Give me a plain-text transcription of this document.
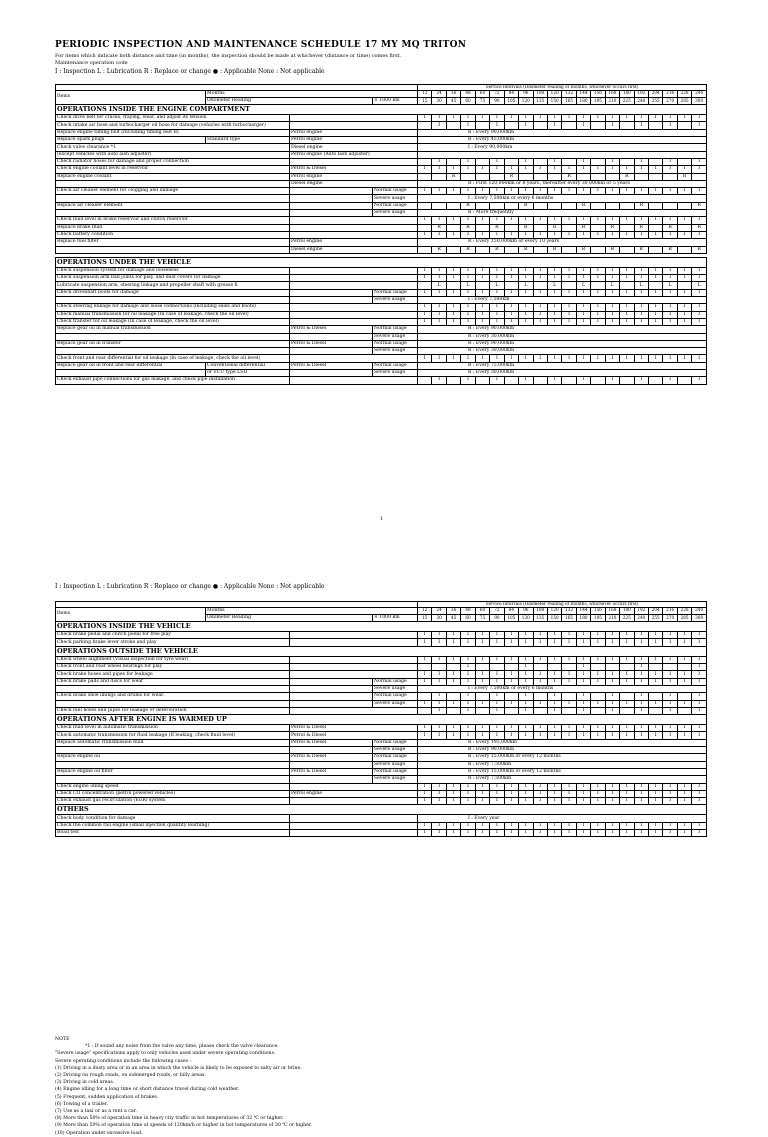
PERIODIC INSPECTION AND MAINTENANCE SCHEDULE 17 MY MQ TRITON
For items which indicate both distance and time (in months), the inspection should be made at whichever (distance or time) comes first.
Maintenance operation code
I : Inspection L : Lubrication R : Replace or change ● : Applicable None : Not applicable
				Service Intervals (Odometer reading or months, whichever occurs first)																			
Items	Months			12	24	36	48	60	72	84	96	108	120	132	144	156	168	180	192	204	216	228	240
	Odometer Reading		× 1000 km	15	30	45	60	75	90	105	120	135	150	165	180	195	210	225	240	255	270	285	300
OPERATIONS INSIDE THE ENGINE COMPARTMENT																							
Check drive belt for cracks, fraying, wear, and adjust its tension				I	I	I	I	I	I	I	I	I	I	I	I	I	I	I	I	I	I	I	I
Check intake air hose and turbocharger oil hose for damage (vehicles with turbocharger)					I		I		I		I		I		I		I		I		I		I
Replace engine timing belt (Including timing belt B)		Petrol engine		R : Every 90,000km																			
Replace spark plugs	Standard type	Petrol engine		R : Every 45,000km																			
Check valve clearance *1		Diesel engine		I : Every 90,000km																			
(except vehicles with auto lash adjuster)		Petrol engine (Auto lash adjuster)																					
Check radiator hoses for damage and proper connection					I		I		I		I		I		I		I		I		I		I
Check engine coolant level in reservoir		Petrol & Diesel		I	I	I	I	I	I	I	I	I	I	I	I	I	I	I	I	I	I	I	I
Replace engine coolant		Petrol engine				R				R				R				R				R	
		Diesel engine		R : First 120,000km or 8 years, thereafter every 30,000km or 5 years																			
Check air cleaner element for clogging and damage			Normal usage	I	I	I	I	I	I	I	I	I	I	I	I	I	I	I	I	I	I	I	I
			Severe usage	I : Every 7,500km or every 6 months																			
Replace air cleaner element			Normal usage				R				R				R				R				R
			Severe usage	R : More frequently																			
Check fluid level in brake reservoir and clutch reservoir				I	I	I	I	I	I	I	I	I	I	I	I	I	I	I	I	I	I	I	I
Replace brake fluid					R		R		R		R		R		R		R		R		R		R
Check battery condition				I	I	I	I	I	I	I	I	I	I	I	I	I	I	I	I	I	I	I	I
Replace fuel filter		Petrol engine		R : Every 150,000km or every 10 years																			
		Diesel engine			R		R		R		R		R		R		R		R		R		R

OPERATIONS UNDER THE VEHICLE																							
Check suspension system for damage and looseness				I	I	I	I	I	I	I	I	I	I	I	I	I	I	I	I	I	I	I	I
Check suspension arm ball joints for play, and dust covers for damage				I	I	I	I	I	I	I	I	I	I	I	I	I	I	I	I	I	I	I	I
Lubricate suspension arm, steering linkage and propeller shaft with grease fi					L		L		L		L		L		L		L		L		L		L
Check driveshaft boots for damage			Normal usage	I	I	I	I	I	I	I	I	I	I	I	I	I	I	I	I	I	I	I	I
			Severe usage	I : Every 7,500km																			
Check steering linkage for damage and loose connections (including seals and boots)				I	I	I	I	I	I	I	I	I	I	I	I	I	I	I	I	I	I	I	I
Check manual transmission for oil leakage (In case of leakage, check the oil level)				I	I	I	I	I	I	I	I	I	I	I	I	I	I	I	I	I	I	I	I
Check transfer for oil leakage (In case of leakage, check the oil level)				I	I	I	I	I	I	I	I	I	I	I	I	I	I	I	I	I	I	I	I
Replace gear oil in manual transmission		Petrol & Diesel	Normal usage	R : Every 90,000km																			
			Severe usage	R : Every 30,000km																			
Replace gear oil in transfer		Petrol & Diesel	Normal usage	R : Every 90,000km																			
			Severe usage	R : Every 30,000km																			
Check front and rear differential for oil leakage (In case of leakage, check the oil level)				I	I	I	I	I	I	I	I	I	I	I	I	I	I	I	I	I	I	I	I
Replace gear oil in front and rear differential	Conventional differential	Petrol & Diesel	Normal usage	R : Every 75,000km																			
	or VCU type LSD		Severe usage	R : Every 30,000km																			
Check exhaust pipe connections for gas leakage, and check pipe installation					I		I		I		I		I		I		I		I		I		I
1
I : Inspection L : Lubrication R : Replace or change ● : Applicable None : Not applicable
				Service Intervals (Odometer reading or months, whichever occurs first)																			
Items	Months			12	24	36	48	60	72	84	96	108	120	132	144	156	168	180	192	204	216	228	240
	Odometer Reading		× 1000 km	15	30	45	60	75	90	105	120	135	150	165	180	195	210	225	240	255	270	285	300
OPERATIONS INSIDE THE VEHICLE																							
Check brake pedal and clutch pedal for free play				I	I	I	I	I	I	I	I	I	I	I	I	I	I	I	I	I	I	I	I
Check parking brake lever stroke and play				I	I	I	I	I	I	I	I	I	I	I	I	I	I	I	I	I	I	I	I
OPERATIONS OUTSIDE THE VEHICLE																							
Check wheel alignment (Visual inspection for tyre wear)				I	I	I	I	I	I	I	I	I	I	I	I	I	I	I	I	I	I	I	I
Check front and rear wheel bearings for play							I				I				I				I				I
Check brake hoses and pipes for leakage				I	I	I	I	I	I	I	I	I	I	I	I	I	I	I	I	I	I	I	I
Check brake pads and discs for wear			Normal usage	I	I	I	I	I	I	I	I	I	I	I	I	I	I	I	I	I	I	I	I
			Severe usage	I : Every 7,500km or every 6 months																			
Check brake shoe linings and drums for wear.			Normal usage		I		I		I		I		I		I		I		I		I		I
			Severe usage	I	I	I	I	I	I	I	I	I	I	I	I	I	I	I	I	I	I	I	I
Check fuel hoses and pipes for leakage or deterioration					I		I		I		I		I		I		I		I		I		I
OPERATIONS AFTER ENGINE IS WARMED UP																							
Check fluid level in automatic transmission		Petrol & Diesel		I	I	I	I	I	I	I	I	I	I	I	I	I	I	I	I	I	I	I	I
Check automatic transmission for fluid leakage (If leaking, check fluid level)		Petrol & Diesel		I	I	I	I	I	I	I	I	I	I	I	I	I	I	I	I	I	I	I	I
Replace automatic transmission fluid		Petrol & Diesel	Normal usage	R : Every 195,000km																			
			Severe usage	R : Every 90,000km																			
Replace engine oil		Petrol & Diesel	Normal usage	R : Every 15,000km or every 12 months																			
			Severe usage	R : Every 7,500km																			
Replace engine oil filter		Petrol & Diesel	Normal usage	R : Every 15,000km or every 12 months																			
			Severe usage	R : Every 7,500km																			
Check engine idling speed				I	I	I	I	I	I	I	I	I	I	I	I	I	I	I	I	I	I	I	I
Check CO concentration (petrol powered vehicles)		Petrol engine		I	I	I	I	I	I	I	I	I	I	I	I	I	I	I	I	I	I	I	I
Check exhaust gas recirculation (EGR) system				I	I	I	I	I	I	I	I	I	I	I	I	I	I	I	I	I	I	I	I
OTHERS																							
Check body condition for damage				I : Every year																			
Check the common rail engine (small injection quantity learning)				I	I	I	I	I	I	I	I	I	I	I	I	I	I	I	I	I	I	I	I
Road test				I	I	I	I	I	I	I	I	I	I	I	I	I	I	I	I	I	I	I	I
NOTE
*1 : If sound any noise from the valve any time, please check the valve clearance.
"Severe usage" specifications apply to only vehicles used under severe operating conditions.
Severe operating conditions include the following cases :
(1) Driving in a dusty area or in an area in which the vehicle is likely to be exposed to salty air or brine.
(2) Driving on rough roads, on submerged roads, or hilly areas.
(3) Driving in cold areas.
(4) Engine idling for a long time or short distance travel during cold weather.
(5) Frequent, sudden application of brakes.
(6) Towing of a trailer.
(7) Use as a taxi or as a rent a car.
(8) More than 50% of operation time in heavy city traffic in hot temperatures of 32 ℃ or higher.
(9) More than 50% of operation time at speeds of 120km/h or higher in hot temperatures of 30 ℃ or higher.
(10) Operation under excessive load.
